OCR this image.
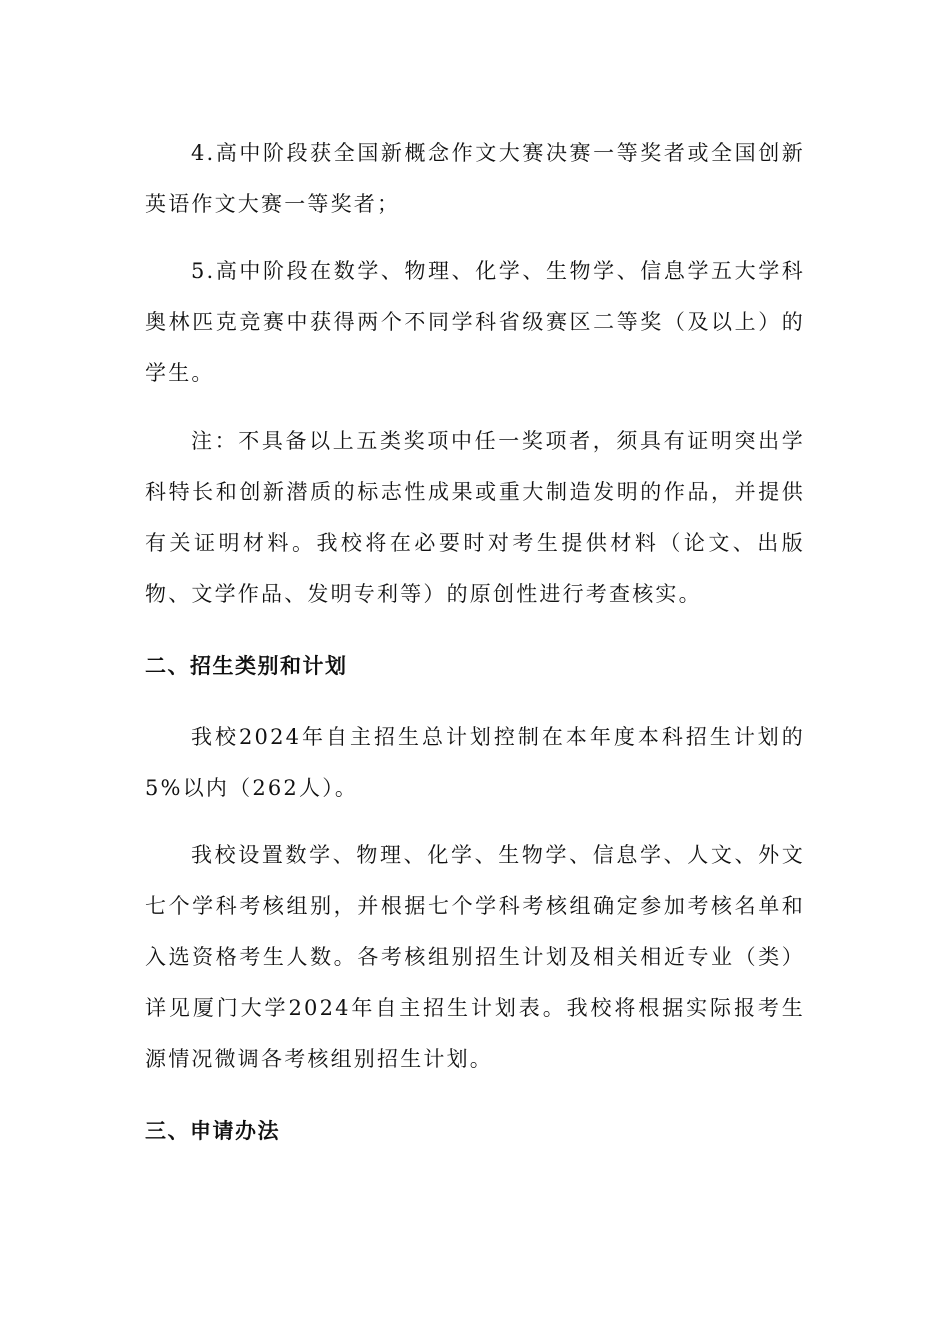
4.高中阶段获全国新概念作文大赛决赛一等奖者或全国创新英语作文大赛一等奖者；

5.高中阶段在数学、物理、化学、生物学、信息学五大学科奥林匹克竞赛中获得两个不同学科省级赛区二等奖（及以上）的学生。

注：不具备以上五类奖项中任一奖项者，须具有证明突出学科特长和创新潜质的标志性成果或重大制造发明的作品，并提供有关证明材料。我校将在必要时对考生提供材料（论文、出版物、文学作品、发明专利等）的原创性进行考查核实。

二、招生类别和计划

我校2024年自主招生总计划控制在本年度本科招生计划的5%以内（262人）。

我校设置数学、物理、化学、生物学、信息学、人文、外文七个学科考核组别，并根据七个学科考核组确定参加考核名单和入选资格考生人数。各考核组别招生计划及相关相近专业（类）详见厦门大学2024年自主招生计划表。我校将根据实际报考生源情况微调各考核组别招生计划。

三、申请办法
